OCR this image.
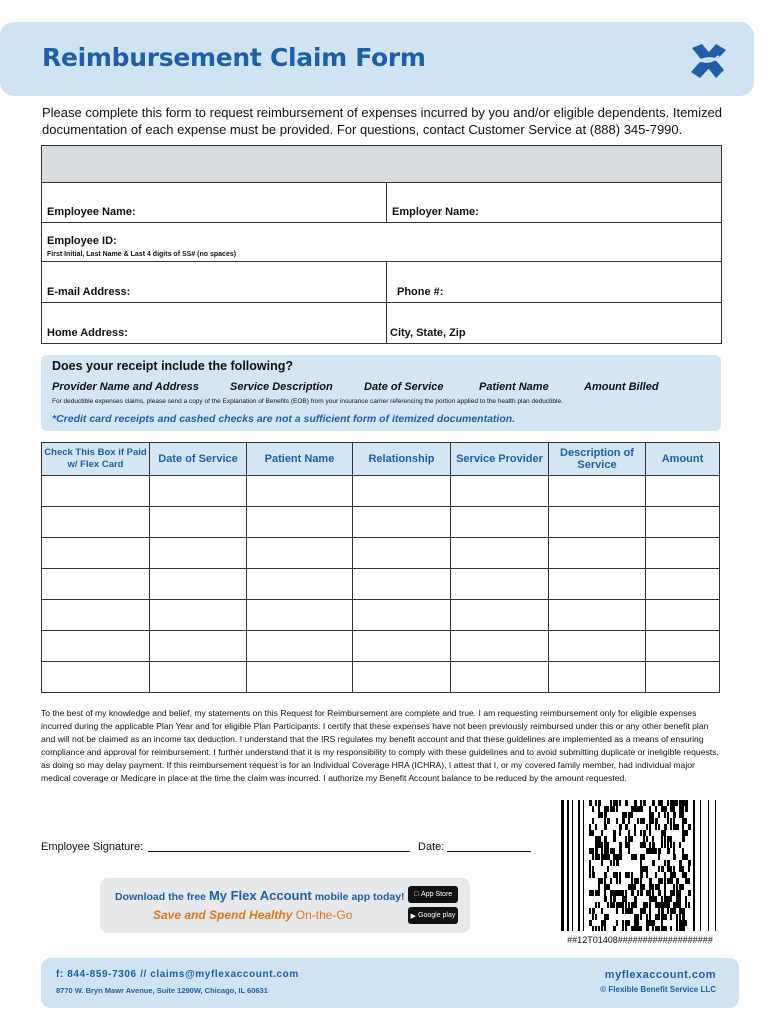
Reimbursement Claim Form
Please complete this form to request reimbursement of expenses incurred by you and/or eligible dependents. Itemized documentation of each expense must be provided. For questions, contact Customer Service at (888) 345-7990.

Employee Name:	Employer Name:
Employee ID:
First Initial, Last Name & Last 4 digits of SS# (no spaces)	

E-mail Address:	Phone #:
Home Address:	City, State, Zip
Does your receipt include the following?
Provider Name and Address	Service Description	Date of Service	Patient Name	Amount Billed
For deductible expenses claims, please send a copy of the Explanation of Benefits (EOB) from your insurance carrier referencing the portion applied to the health plan deductible.
*Credit card receipts and cashed checks are not a sufficient form of itemized documentation.
Check This Box if Paid w/ Flex Card	Date of Service	Patient Name	Relationship	Service Provider	Description of Service	Amount

To the best of my knowledge and belief, my statements on this Request for Reimbursement are complete and true. I am requesting reimbursement only for eligible expenses incurred during the applicable Plan Year and for eligible Plan Participants. I certify that these expenses have not been previously reimbursed under this or any other benefit plan and will not be claimed as an income tax deduction. I understand that the IRS regulates my benefit account and that these guidelines are implemented as a means of ensuring compliance and approval for reimbursement. I further understand that it is my responsibility to comply with these guidelines and to avoid submitting duplicate or ineligible requests, as doing so may delay payment. If this reimbursement request is for an Individual Coverage HRA (ICHRA), I attest that I, or my covered family member, had individual major medical coverage or Medicare in place at the time the claim was incurred. I authorize my Benefit Account balance to be reduced by the amount requested.
Employee Signature:	Date:
##12T01408###################
Download the free My Flex Account mobile app today!
Save and Spend Healthy On-the-Go
App Store
▶ Google play
f: 844-859-7306 // claims@myflexaccount.com
8770 W. Bryn Mawr Avenue, Suite 1290W, Chicago, IL 60631
myflexaccount.com
© Flexible Benefit Service LLC
